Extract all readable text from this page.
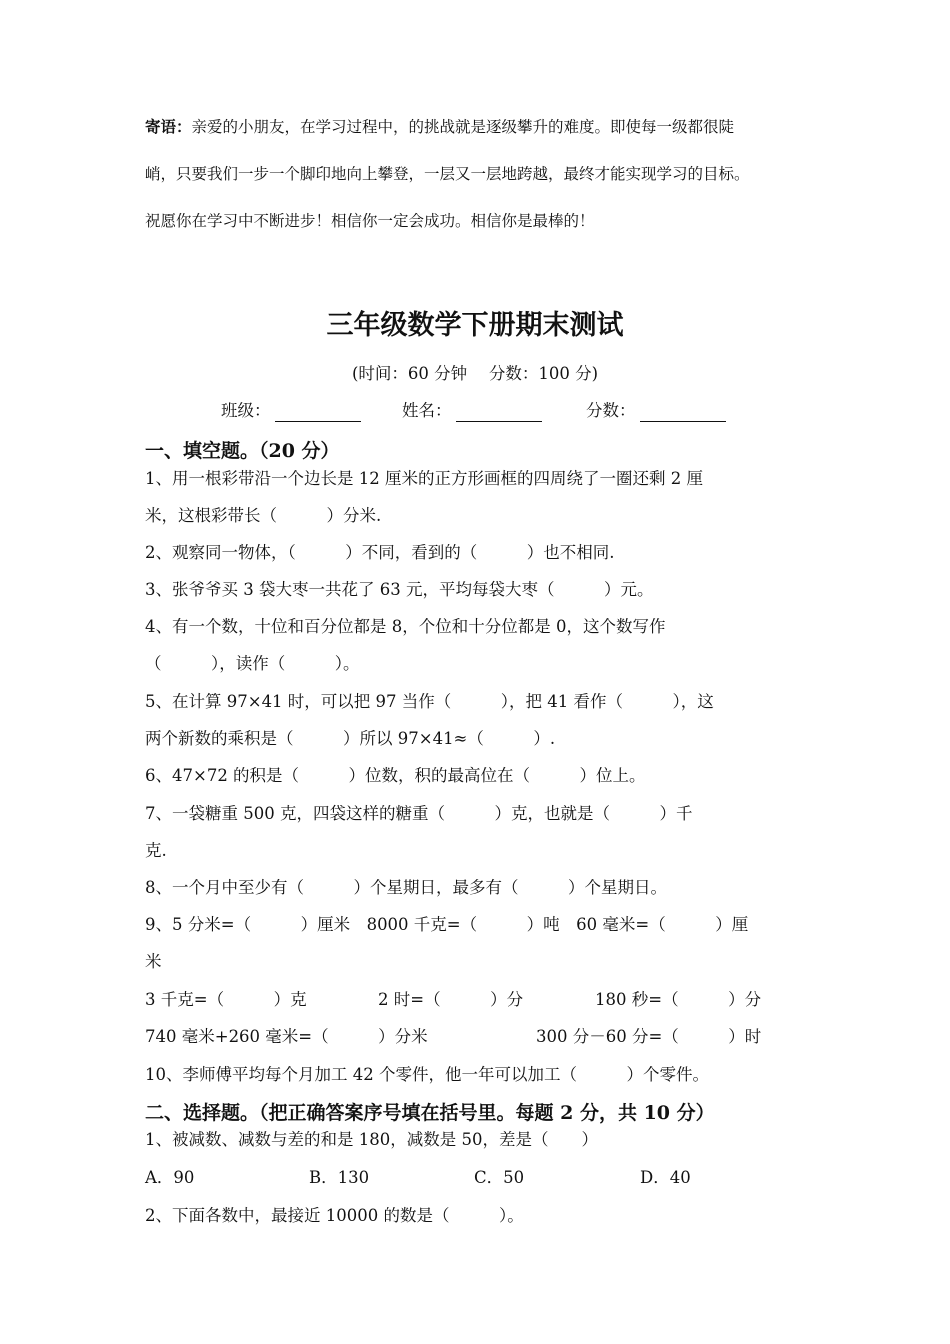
寄语：亲爱的小朋友，在学习过程中，的挑战就是逐级攀升的难度。即使每一级都很陡
峭，只要我们一步一个脚印地向上攀登，一层又一层地跨越，最终才能实现学习的目标。
祝愿你在学习中不断进步！相信你一定会成功。相信你是最棒的！
三年级数学下册期末测试
(时间：60 分钟　 分数：100 分)
班级：	姓名：	分数：
一、填空题。（20 分）
1、用一根彩带沿一个边长是 12 厘米的正方形画框的四周绕了一圈还剩 2 厘
米，这根彩带长（　　　）分米.
2、观察同一物体，（　　　）不同，看到的（　　　）也不相同.
3、张爷爷买 3 袋大枣一共花了 63 元，平均每袋大枣（　　　）元。
4、有一个数，十位和百分位都是 8，个位和十分位都是 0，这个数写作
（　　　），读作（　　　）。
5、在计算 97×41 时，可以把 97 当作（　　　），把 41 看作（　　　），这
两个新数的乘积是（　　　）所以 97×41≈（　　　）.
6、47×72 的积是（　　　）位数，积的最高位在（　　　）位上。
7、一袋糖重 500 克，四袋这样的糖重（　　　）克，也就是（　　　）千
克.
8、一个月中至少有（　　　）个星期日，最多有（　　　）个星期日。
9、5 分米=（　　　）厘米　8000 千克=（　　　）吨　60 毫米=（　　　）厘
米
3 千克=（　　　）克	2 时=（　　　）分	180 秒=（　　　）分
740 毫米+260 毫米=（　　　）分米	300 分－60 分=（　　　）时
10、李师傅平均每个月加工 42 个零件，他一年可以加工（　　　）个零件。
二、选择题。（把正确答案序号填在括号里。每题 2 分，共 10 分）
1、被减数、减数与差的和是 180，减数是 50，差是（　　）
A．90	B．130	C．50	D．40
2、下面各数中，最接近 10000 的数是（　　　）。
